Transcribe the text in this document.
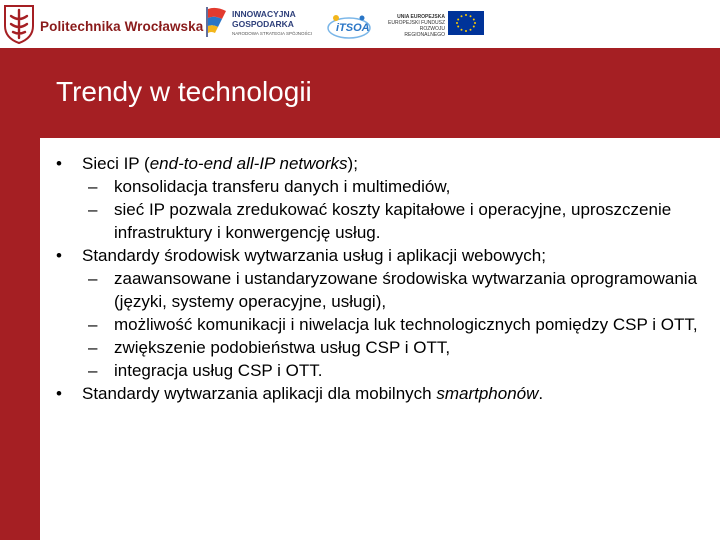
Politechnika Wrocławska
INNOWACYJNA
GOSPODARKA
NARODOWA STRATEGIA SPÓJNOŚCI iTSOA
UNIA EUROPEJSKA
EUROPEJSKI FUNDUSZ
ROZWOJU REGIONALNEGO
Trendy w technologii
• Sieci IP (end-to-end all-IP networks);
– konsolidacja transferu danych i multimediów,
– sieć IP pozwala zredukować koszty kapitałowe i operacyjne, uproszczenie infrastruktury i konwergencję usług.
• Standardy środowisk wytwarzania usług i aplikacji webowych;
– zaawansowane i ustandaryzowane środowiska wytwarzania oprogramowania (języki, systemy operacyjne, usługi),
– możliwość komunikacji i niwelacja luk technologicznych pomiędzy CSP i OTT,
– zwiększenie podobieństwa usług CSP i OTT,
– integracja usług CSP i OTT.
• Standardy wytwarzania aplikacji dla mobilnych smartphonów.
